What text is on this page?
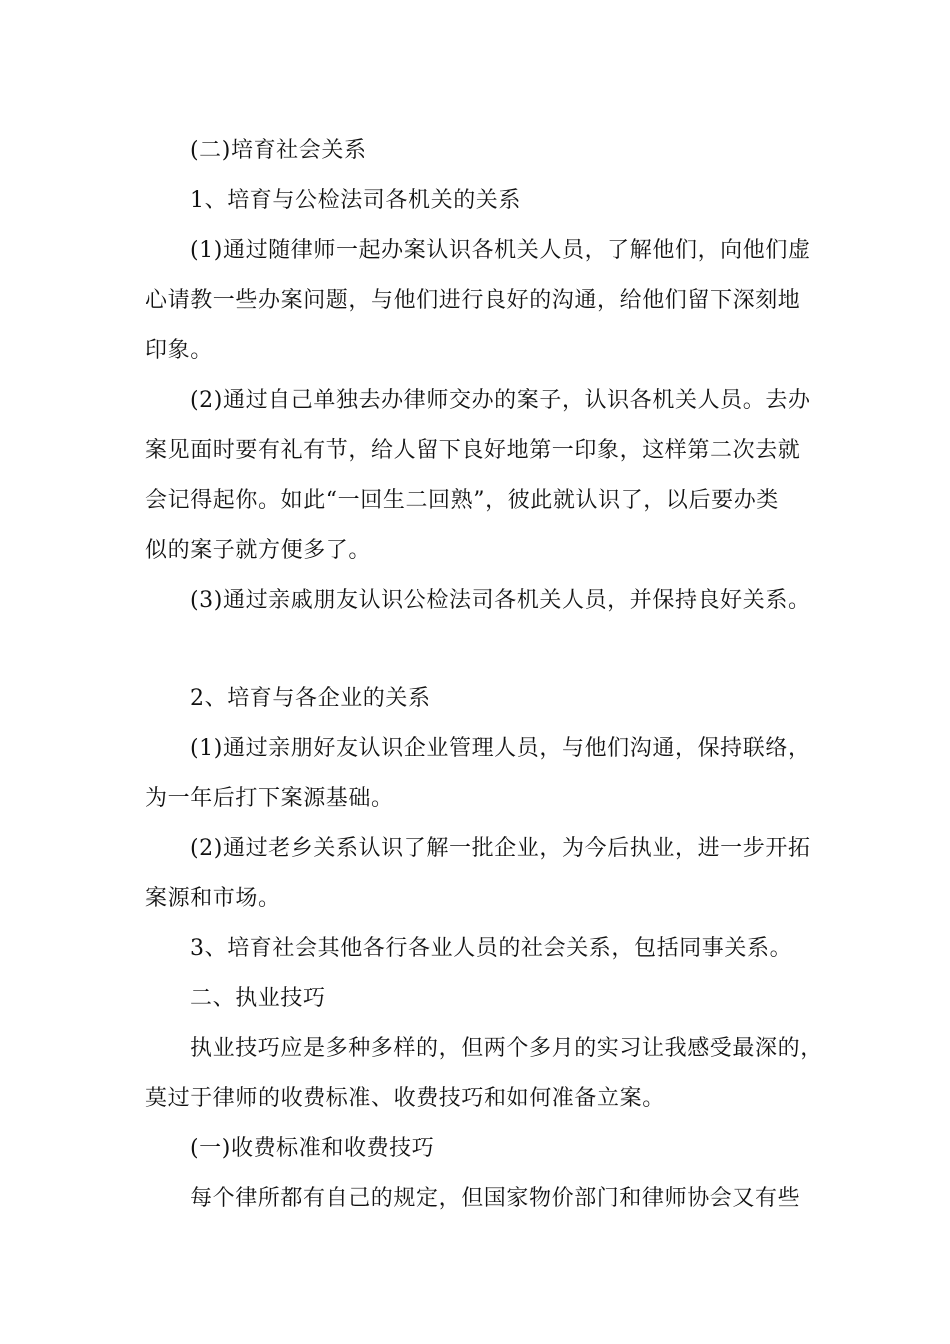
(二)培育社会关系

1、培育与公检法司各机关的关系

(1)通过随律师一起办案认识各机关人员，了解他们，向他们虚

心请教一些办案问题，与他们进行良好的沟通，给他们留下深刻地

印象。

(2)通过自己单独去办律师交办的案子，认识各机关人员。去办

案见面时要有礼有节，给人留下良好地第一印象，这样第二次去就

会记得起你。如此“一回生二回熟”，彼此就认识了，以后要办类

似的案子就方便多了。

(3)通过亲戚朋友认识公检法司各机关人员，并保持良好关系。

2、培育与各企业的关系

(1)通过亲朋好友认识企业管理人员，与他们沟通，保持联络，

为一年后打下案源基础。

(2)通过老乡关系认识了解一批企业，为今后执业，进一步开拓

案源和市场。

3、培育社会其他各行各业人员的社会关系，包括同事关系。

二、执业技巧

执业技巧应是多种多样的，但两个多月的实习让我感受最深的，

莫过于律师的收费标准、收费技巧和如何准备立案。

(一)收费标准和收费技巧

每个律所都有自己的规定，但国家物价部门和律师协会又有些
